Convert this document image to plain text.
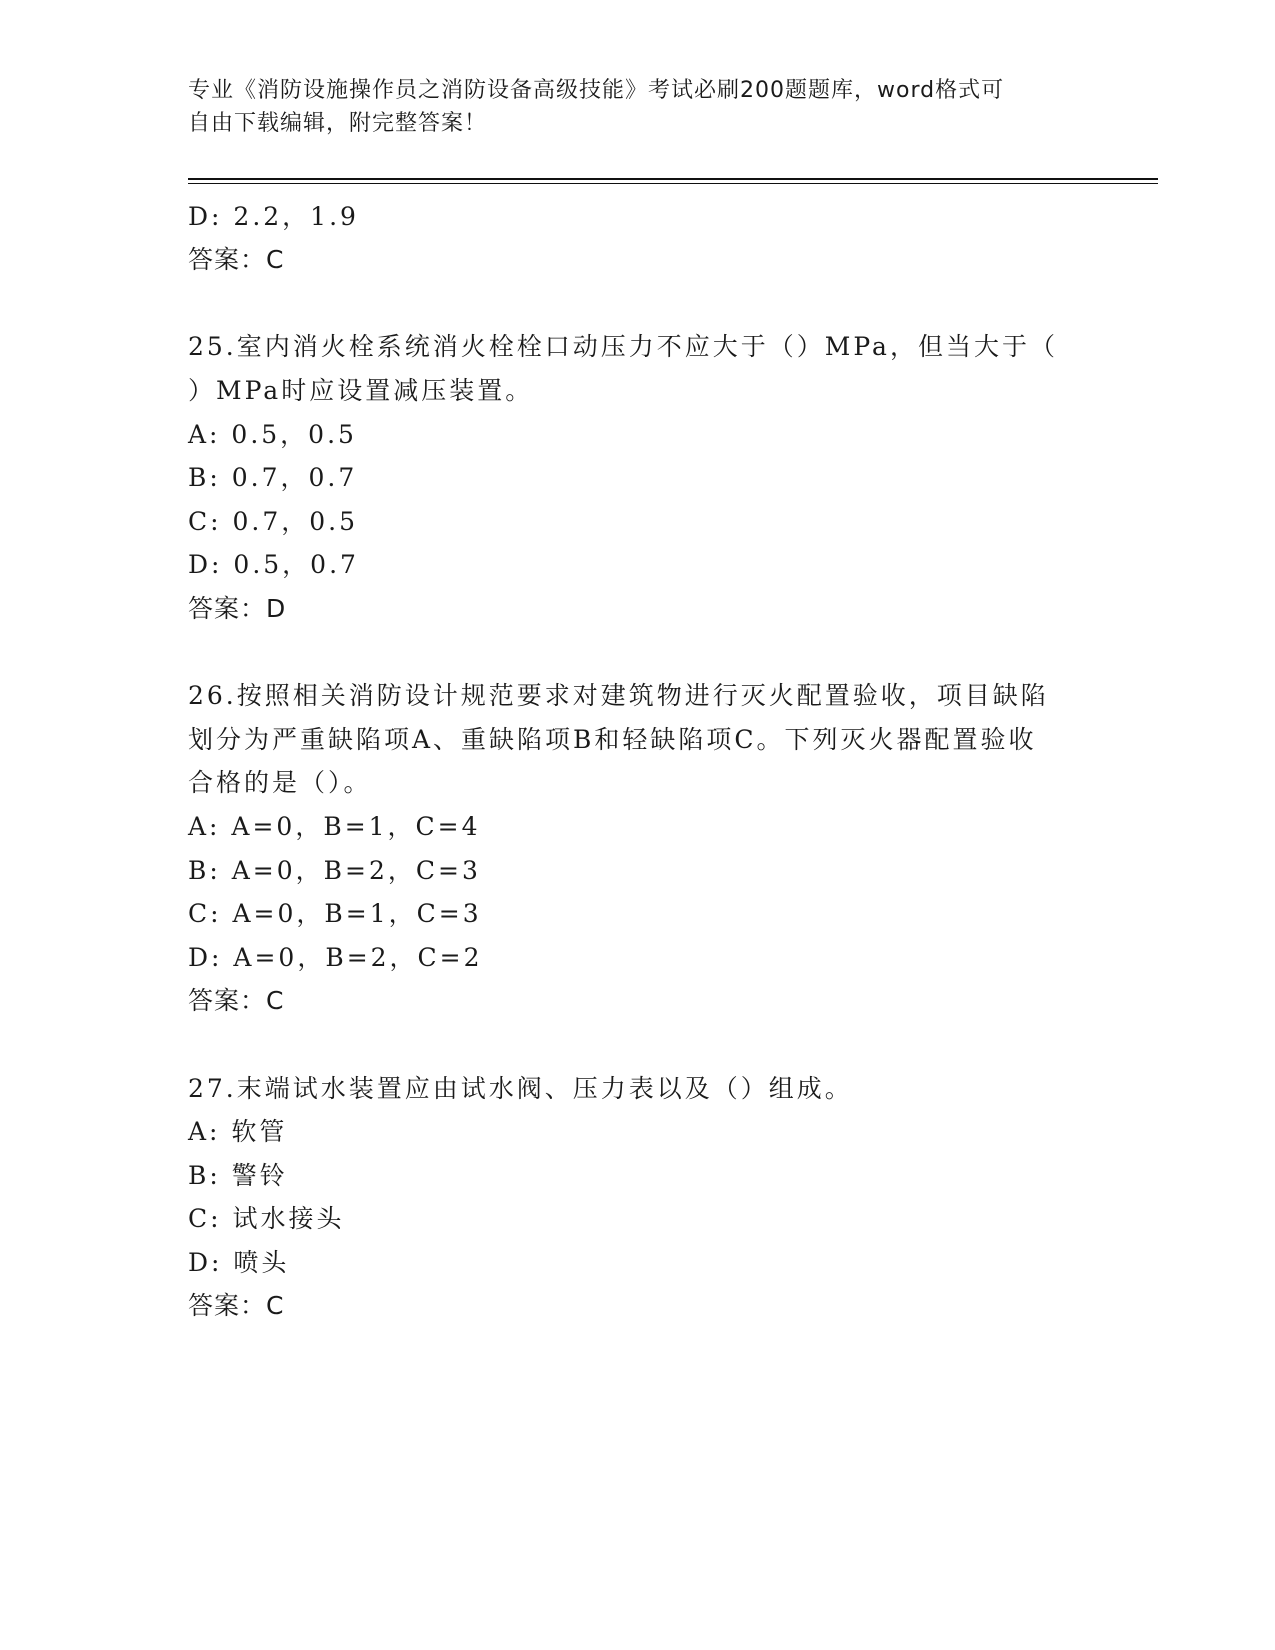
专业《消防设施操作员之消防设备高级技能》考试必刷200题题库，word格式可

自由下载编辑，附完整答案！

D: 2.2，1.9

答案：C

25.室内消火栓系统消火栓栓口动压力不应大于（）MPa，但当大于（

）MPa时应设置减压装置。

A: 0.5，0.5

B: 0.7，0.7

C: 0.7，0.5

D: 0.5，0.7

答案：D

26.按照相关消防设计规范要求对建筑物进行灭火配置验收，项目缺陷

划分为严重缺陷项A、重缺陷项B和轻缺陷项C。下列灭火器配置验收

合格的是（）。

A: A=0，B=1，C=4

B: A=0，B=2，C=3

C: A=0，B=1，C=3

D: A=0，B=2，C=2

答案：C

27.末端试水装置应由试水阀、压力表以及（）组成。

A: 软管

B: 警铃

C: 试水接头

D: 喷头

答案：C
